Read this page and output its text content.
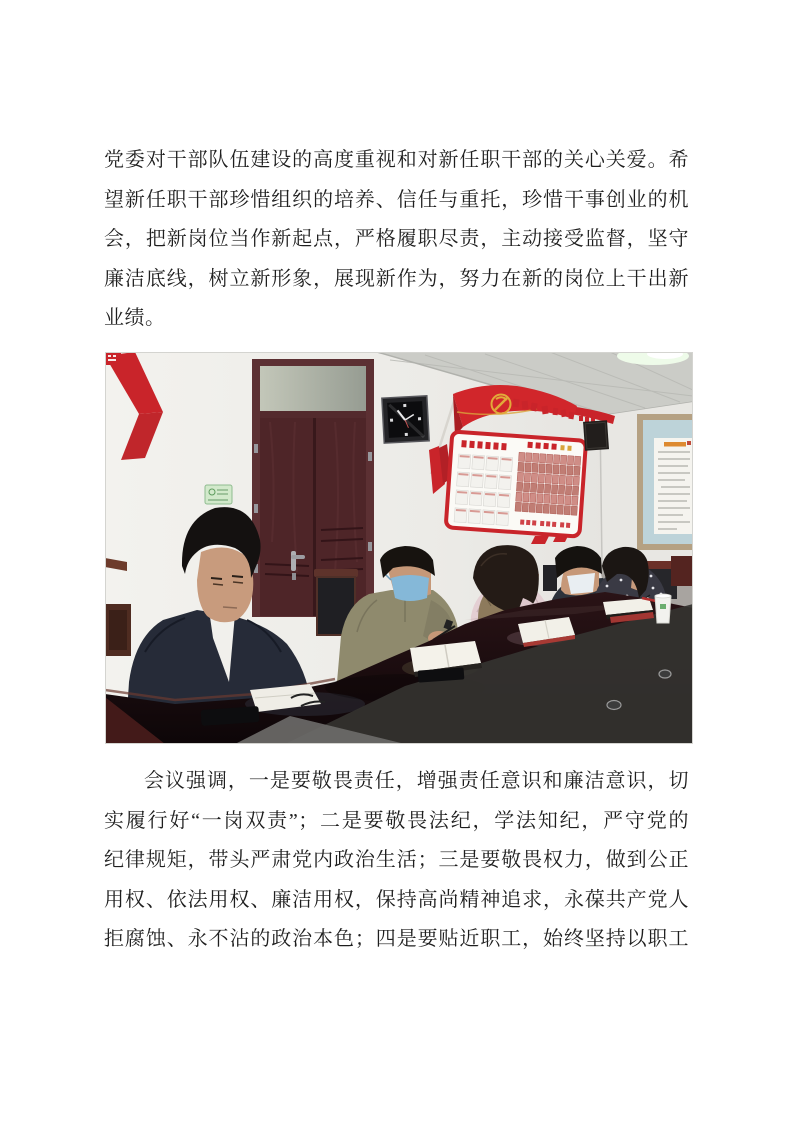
党委对干部队伍建设的高度重视和对新任职干部的关心关爱。希
望新任职干部珍惜组织的培养、信任与重托，珍惜干事创业的机
会，把新岗位当作新起点，严格履职尽责，主动接受监督，坚守
廉洁底线，树立新形象，展现新作为，努力在新的岗位上干出新
业绩。
会议强调，一是要敬畏责任，增强责任意识和廉洁意识，切
实履行好“一岗双责”；二是要敬畏法纪，学法知纪，严守党的
纪律规矩，带头严肃党内政治生活；三是要敬畏权力，做到公正
用权、依法用权、廉洁用权，保持高尚精神追求，永葆共产党人
拒腐蚀、永不沾的政治本色；四是要贴近职工，始终坚持以职工
